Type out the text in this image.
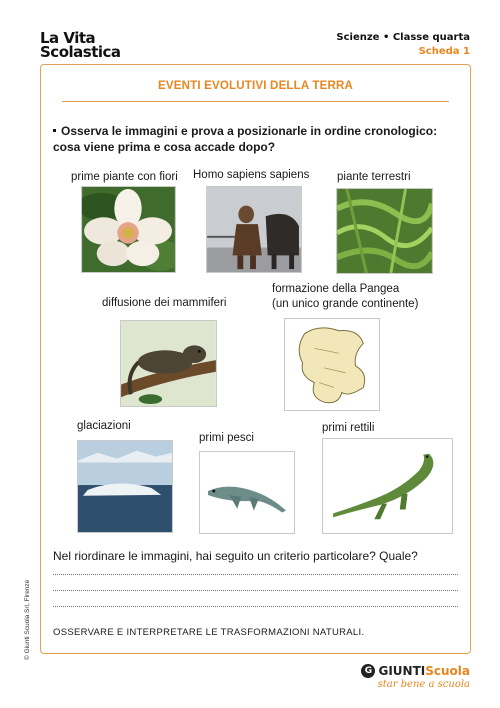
La Vita
Scolastica
Scienze • Classe quarta
Scheda 1
EVENTI EVOLUTIVI DELLA TERRA
Osserva le immagini e prova a posizionarle in ordine cronologico: cosa viene prima e cosa accade dopo?
prime piante con fiori Homo sapiens sapiens piante terrestri
diffusione dei mammiferi
formazione della Pangea
(un unico grande continente)
glaciazioni
primi pesci
primi rettili
Nel riordinare le immagini, hai seguito un criterio particolare? Quale?
OSSERVARE E INTERPRETARE LE TRASFORMAZIONI NATURALI.
© Giunti Scuola Srl, Firenze
G GIUNTI Scuola
star bene a scuola
